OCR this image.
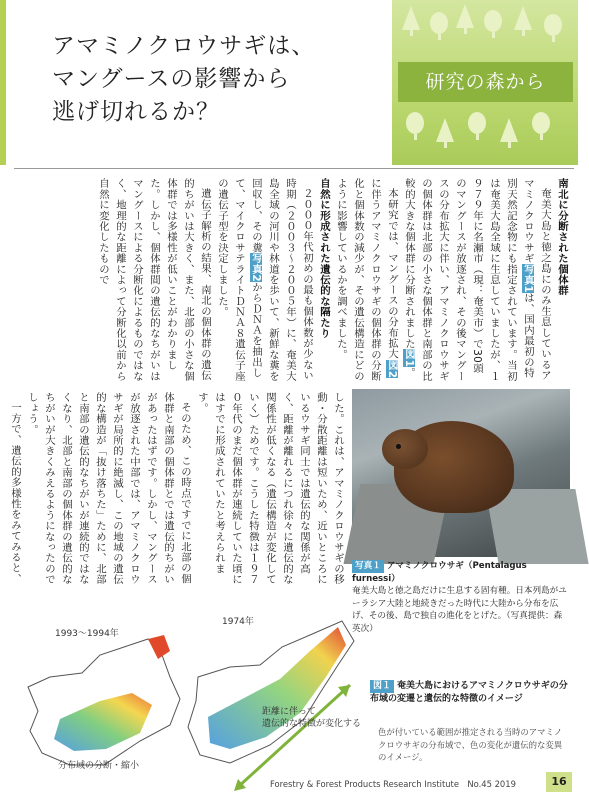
アマミノクロウサギは、
マングースの影響から
逃げ切れるか？
研究の森から

南北に分断された個体群

奄美大島と徳之島にのみ生息しているアマミノクロウサギ写真1は、国内最初の特別天然記念物にも指定されています。当初は奄美大島全域に生息していましたが、１９７９年に名瀬市（現：奄美市）で30頭のマングースが放逐され、その後マングースの分布拡大に伴い、アマミノクロウサギの個体群は北部の小さな個体群と南部の比較的大きな個体群に分断されました図1。

本研究では、マングースの分布拡大図2に伴うアマミノクロウサギの個体群の分断化と個体数の減少が、その遺伝構造にどのように影響しているかを調べました。

自然に形成された遺伝的な隔たり

２０００年代初めの最も個体数が少ない時期（２００３〜２００５年）に、奄美大島全域の河川や林道を歩いて、新鮮な糞を回収し、その糞写真2からＤＮＡを抽出して、マイクロサテライトＤＮＡ８遺伝子座の遺伝子型を決定しました。

遺伝子解析の結果、南北の個体群の遺伝的ちがいは大きく、また、北部の小さな個体群では多様性が低いことがわかりました。しかし、個体群間の遺伝的なちがいはマングースによる分断化によるものではなく、地理的な距離によって分断化以前から自然に変化したもので

した。これは、アマミノクロウサギの移動・分散距離は短いため、近いところにいるウサギ同士では遺伝的な関係が高く、距離が離れるにつれ徐々に遺伝的な関係性が低くなる（遺伝構造が変化していく）ためです。こうした特徴は１９７０年代のまだ個体群が連続していた頃にはすでに形成されていたと考えられます。

そのため、この時点ですでに北部の個体群と南部の個体群とでは遺伝的ちがいがあったはずです。しかし、マングースが放逐された中部では、アマミノクロウサギが局所的に絶滅し、この地域の遺伝的な構造が「抜け落ちた」ために、北部と南部の遺伝的なちがいが連続的ではなくなり、北部と南部の個体群の遺伝的なちがいが大きくみえるようになったのでしょう。

一方で、遺伝的多様性をみてみると、	写真１ アマミノクロウサギ（Pentalagus furnessi）
奄美大島と徳之島だけに生息する固有種。日本列島がユーラシア大陸と地続きだった時代に大陸から分布を広げ、その後、島で独自の進化をとげた。（写真提供：森　英次）
1993～1994年
1974年
距離に伴って
遺伝的な特徴が変化する
分布域の分断・縮小
図１ 奄美大島におけるアマミノクロウサギの分布域の変遷と遺伝的な特徴のイメージ
色が付いている範囲が推定される当時のアマミノクロウサギの分布域で、色の変化が遺伝的な変異のイメージ。
Forestry & Forest Products Research Institute　No.45 2019	16
